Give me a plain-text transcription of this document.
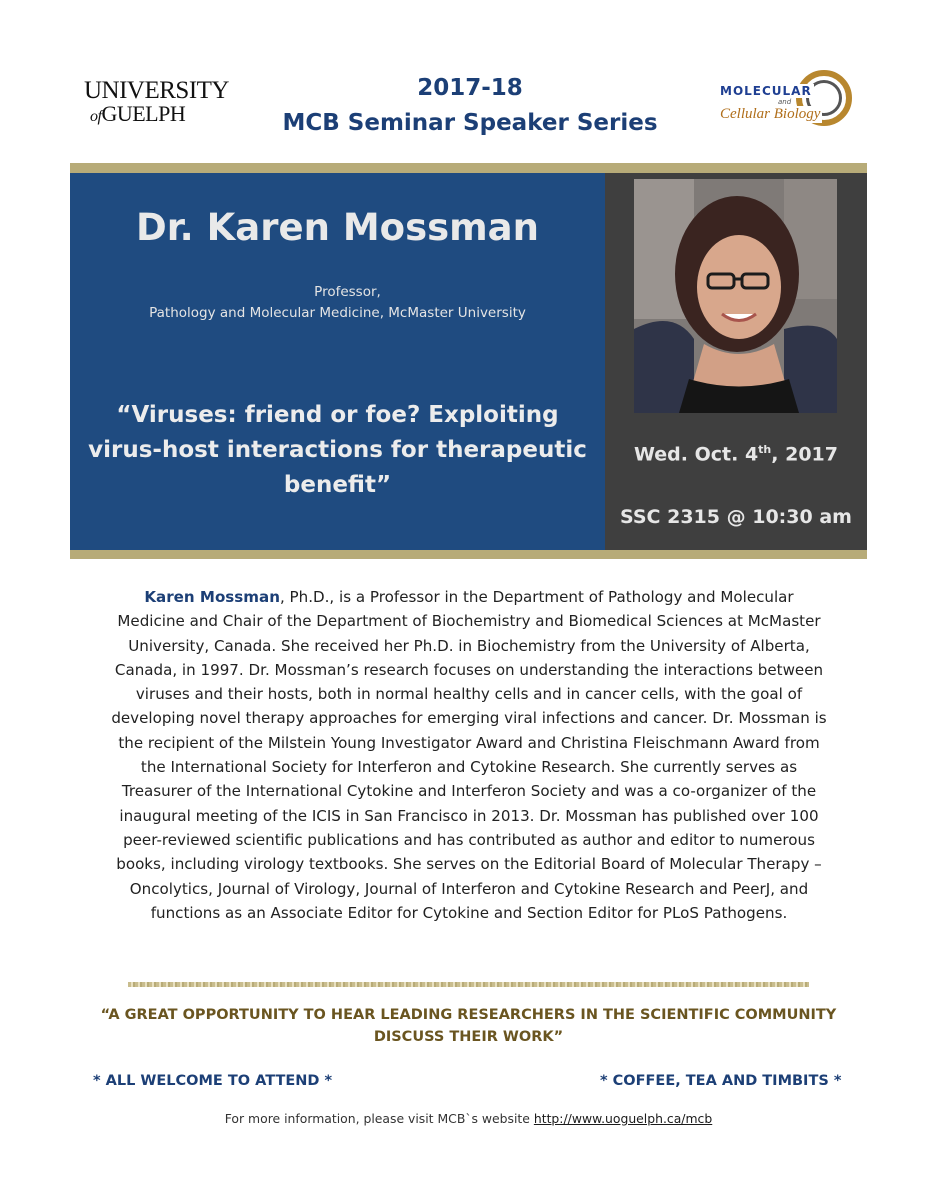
UNIVERSITY
ofGUELPH
2017-18
MCB Seminar Speaker Series
MOLECULAR
and
Cellular Biology
Dr. Karen Mossman
Professor,
Pathology and Molecular Medicine, McMaster University
“Viruses: friend or foe? Exploiting virus-host interactions for therapeutic benefit”
Wed. Oct. 4th, 2017
SSC 2315 @ 10:30 am
Karen Mossman, Ph.D., is a Professor in the Department of Pathology and Molecular Medicine and Chair of the Department of Biochemistry and Biomedical Sciences at McMaster University, Canada. She received her Ph.D. in Biochemistry from the University of Alberta, Canada, in 1997. Dr. Mossman’s research focuses on understanding the interactions between viruses and their hosts, both in normal healthy cells and in cancer cells, with the goal of developing novel therapy approaches for emerging viral infections and cancer. Dr. Mossman is the recipient of the Milstein Young Investigator Award and Christina Fleischmann Award from the International Society for Interferon and Cytokine Research. She currently serves as Treasurer of the International Cytokine and Interferon Society and was a co-organizer of the inaugural meeting of the ICIS in San Francisco in 2013. Dr. Mossman has published over 100 peer-reviewed scientific publications and has contributed as author and editor to numerous books, including virology textbooks. She serves on the Editorial Board of Molecular Therapy – Oncolytics, Journal of Virology, Journal of Interferon and Cytokine Research and PeerJ, and functions as an Associate Editor for Cytokine and Section Editor for PLoS Pathogens.
“A GREAT OPPORTUNITY TO HEAR LEADING RESEARCHERS IN THE SCIENTIFIC COMMUNITY DISCUSS THEIR WORK”
* ALL WELCOME TO ATTEND *	* COFFEE, TEA AND TIMBITS *
For more information, please visit MCB`s website http://www.uoguelph.ca/mcb
